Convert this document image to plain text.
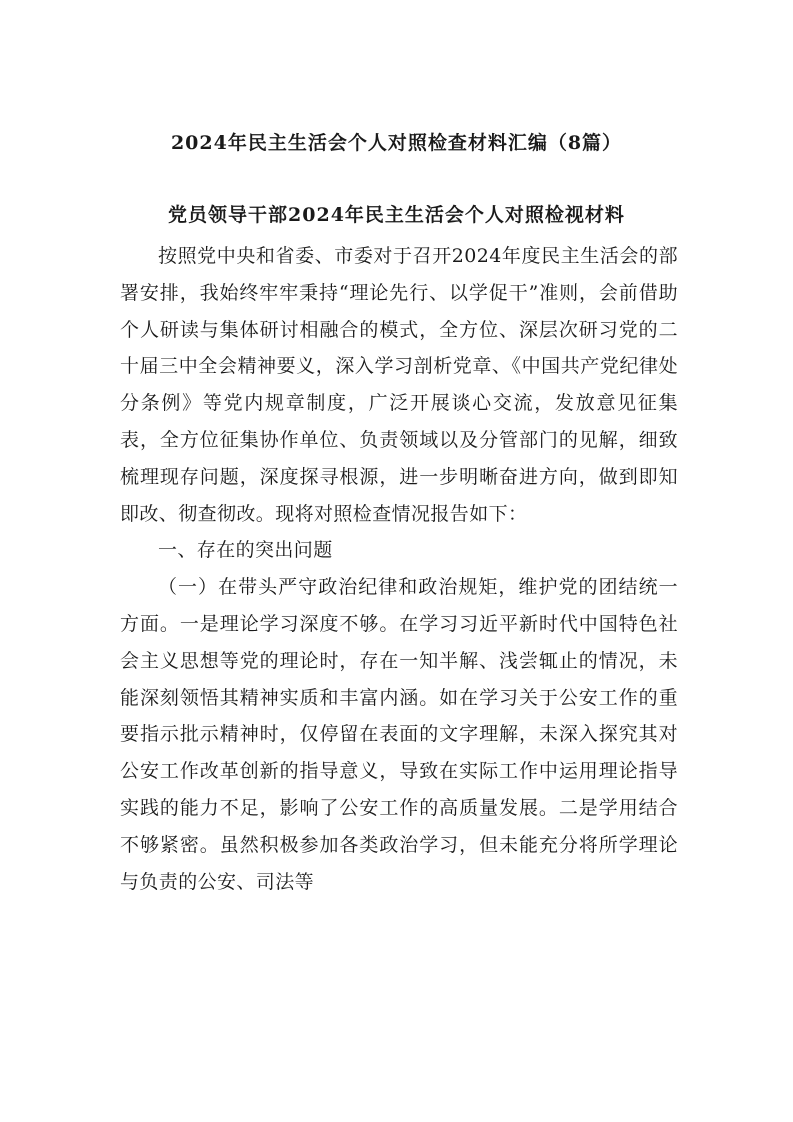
2024年民主生活会个人对照检查材料汇编（8篇）
党员领导干部2024年民主生活会个人对照检视材料

按照党中央和省委、市委对于召开2024年度民主生活会的部署安排，我始终牢牢秉持“理论先行、以学促干”准则，会前借助个人研读与集体研讨相融合的模式，全方位、深层次研习党的二十届三中全会精神要义，深入学习剖析党章、《中国共产党纪律处分条例》等党内规章制度，广泛开展谈心交流，发放意见征集表，全方位征集协作单位、负责领域以及分管部门的见解，细致梳理现存问题，深度探寻根源，进一步明晰奋进方向，做到即知即改、彻查彻改。现将对照检查情况报告如下：

一、存在的突出问题

（一）在带头严守政治纪律和政治规矩，维护党的团结统一方面。一是理论学习深度不够。在学习习近平新时代中国特色社会主义思想等党的理论时，存在一知半解、浅尝辄止的情况，未能深刻领悟其精神实质和丰富内涵。如在学习关于公安工作的重要指示批示精神时，仅停留在表面的文字理解，未深入探究其对公安工作改革创新的指导意义，导致在实际工作中运用理论指导实践的能力不足，影响了公安工作的高质量发展。二是学用结合不够紧密。虽然积极参加各类政治学习，但未能充分将所学理论与负责的公安、司法等
